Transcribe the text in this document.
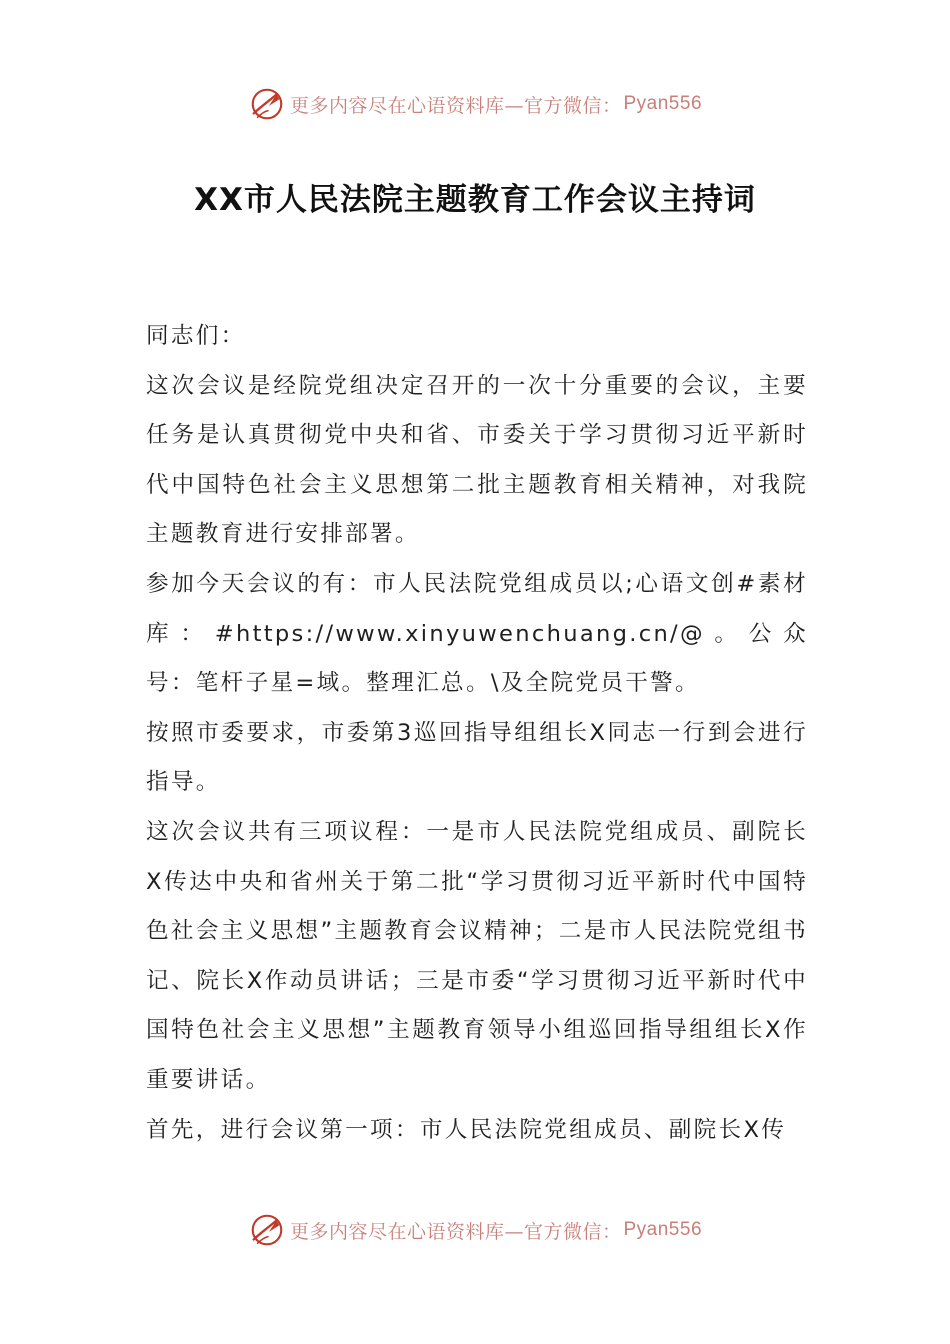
更多内容尽在心语资料库—官方微信： Pyan556
XX市人民法院主题教育工作会议主持词

同志们：

这次会议是经院党组决定召开的一次十分重要的会议，主要任务是认真贯彻党中央和省、市委关于学习贯彻习近平新时代中国特色社会主义思想第二批主题教育相关精神，对我院主题教育进行安排部署。

参加今天会议的有：市人民法院党组成员以;心语文创#素材库：#https://www.xinyuwenchuang.cn/@。公众号：笔杆子星=域。整理汇总。\及全院党员干警。

按照市委要求，市委第3巡回指导组组长X同志一行到会进行指导。

这次会议共有三项议程：一是市人民法院党组成员、副院长X传达中央和省州关于第二批“学习贯彻习近平新时代中国特色社会主义思想”主题教育会议精神；二是市人民法院党组书记、院长X作动员讲话；三是市委“学习贯彻习近平新时代中国特色社会主义思想”主题教育领导小组巡回指导组组长X作重要讲话。

首先，进行会议第一项：市人民法院党组成员、副院长X传

更多内容尽在心语资料库—官方微信： Pyan556
